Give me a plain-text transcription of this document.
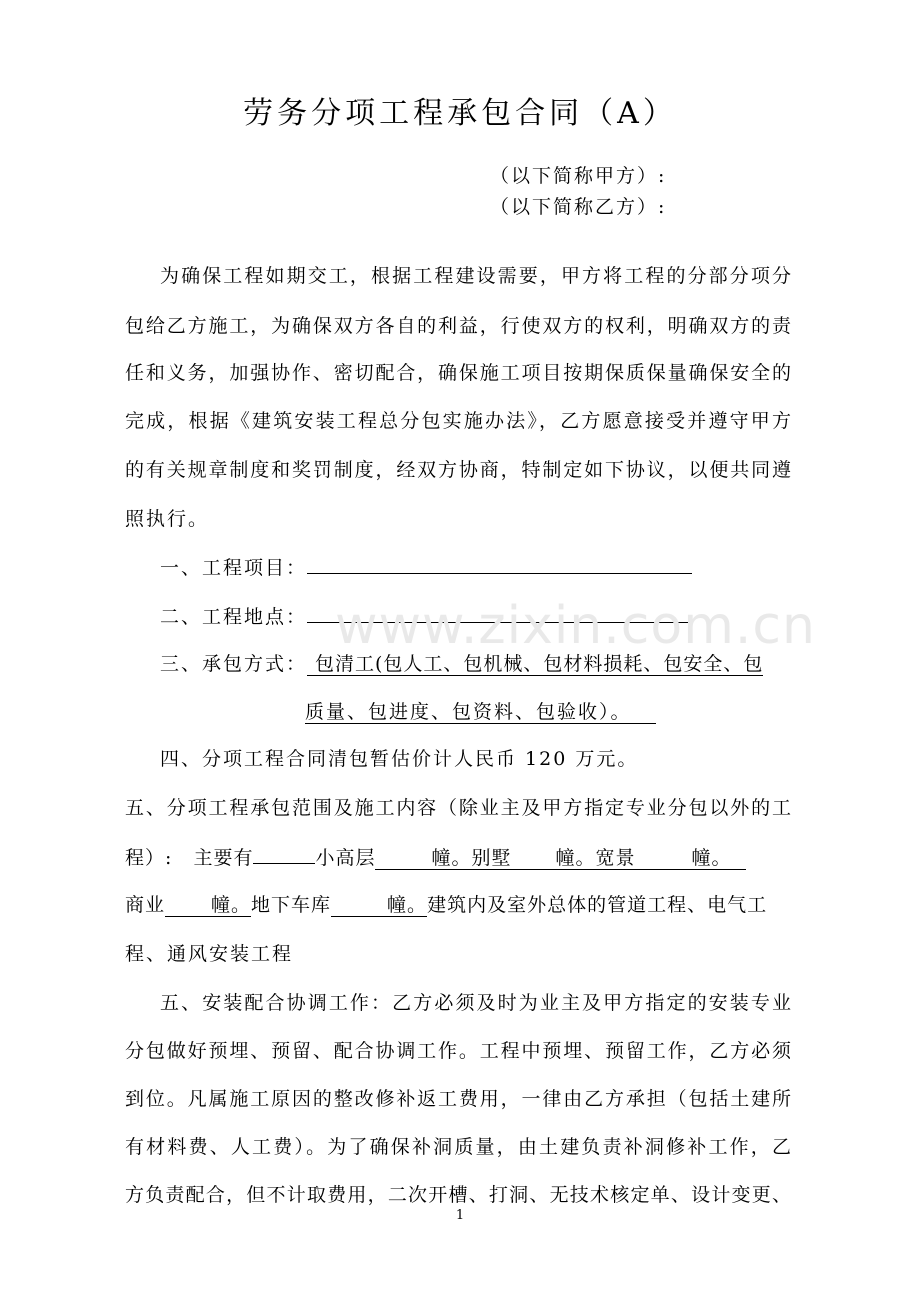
劳务分项工程承包合同（A）
（以下简称甲方）:
（以下简称乙方）:
为确保工程如期交工，根据工程建设需要，甲方将工程的分部分项分
包给乙方施工，为确保双方各自的利益，行使双方的权利，明确双方的责
任和义务，加强协作、密切配合，确保施工项目按期保质保量确保安全的
完成，根据《建筑安装工程总分包实施办法》，乙方愿意接受并遵守甲方
的有关规章制度和奖罚制度，经双方协商，特制定如下协议，以便共同遵
照执行。
一、工程项目：
二、工程地点：
三、承包方式： 包清工(包人工、包机械、包材料损耗、包安全、包
质量、包进度、包资料、包验收）。
四、分项工程合同清包暂估价计人民币 120 万元。
五、分项工程承包范围及施工内容（除业主及甲方指定专业分包以外的工
程）: 主要有	小高层	幢。别墅 幢。宽景	幢。
商业 幢。地下车库	幢。建筑内及室外总体的管道工程、电气工
程、通风安装工程
五、安装配合协调工作：乙方必须及时为业主及甲方指定的安装专业
分包做好预埋、预留、配合协调工作。工程中预埋、预留工作，乙方必须
到位。凡属施工原因的整改修补返工费用，一律由乙方承担（包括土建所
有材料费、人工费）。为了确保补洞质量，由土建负责补洞修补工作，乙
方负责配合，但不计取费用，二次开槽、打洞、无技术核定单、设计变更、
www.zixin.com.cn
1
